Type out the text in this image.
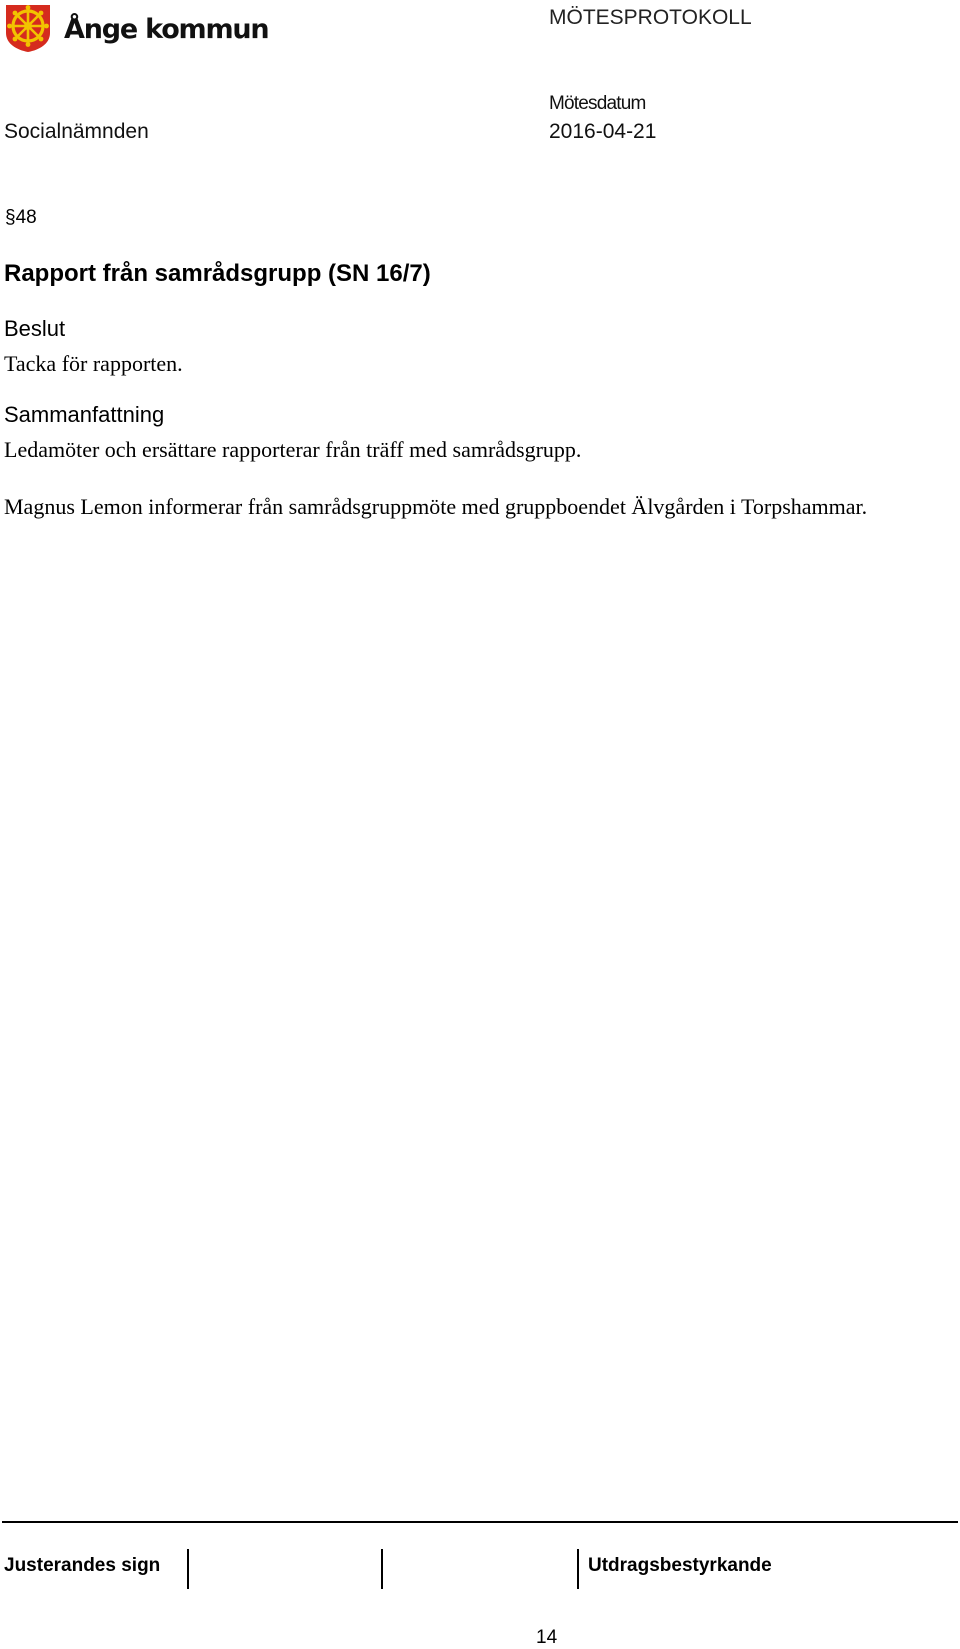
Ånge kommun	MÖTESPROTOKOLL
Mötesdatum
Socialnämnden	2016-04-21
§48
Rapport från samrådsgrupp (SN 16/7)
Beslut
Tacka för rapporten.
Sammanfattning
Ledamöter och ersättare rapporterar från träff med samrådsgrupp.
Magnus Lemon informerar från samrådsgruppmöte med gruppboendet Älvgården i Torpshammar.
Justerandes sign	Utdragsbestyrkande
14
